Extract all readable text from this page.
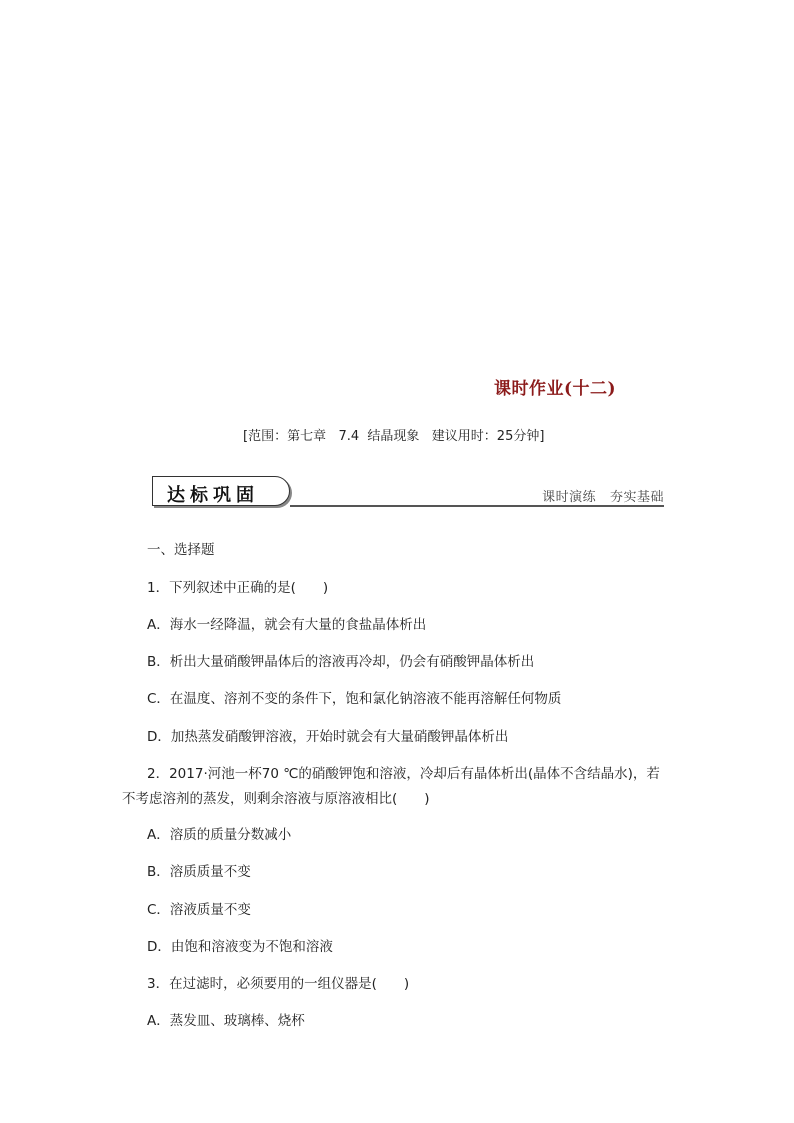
课时作业(十二)
[范围：第七章   7.4  结晶现象   建议用时：25分钟]
达标巩固	课时演练   夯实基础
一、选择题
1．下列叙述中正确的是(　　)
A．海水一经降温，就会有大量的食盐晶体析出
B．析出大量硝酸钾晶体后的溶液再冷却，仍会有硝酸钾晶体析出
C．在温度、溶剂不变的条件下，饱和氯化钠溶液不能再溶解任何物质
D．加热蒸发硝酸钾溶液，开始时就会有大量硝酸钾晶体析出
2．2017·河池一杯70 ℃的硝酸钾饱和溶液，冷却后有晶体析出(晶体不含结晶水)，若
不考虑溶剂的蒸发，则剩余溶液与原溶液相比(　　)
A．溶质的质量分数减小
B．溶质质量不变
C．溶液质量不变
D．由饱和溶液变为不饱和溶液
3．在过滤时，必须要用的一组仪器是(　　)
A．蒸发皿、玻璃棒、烧杯
